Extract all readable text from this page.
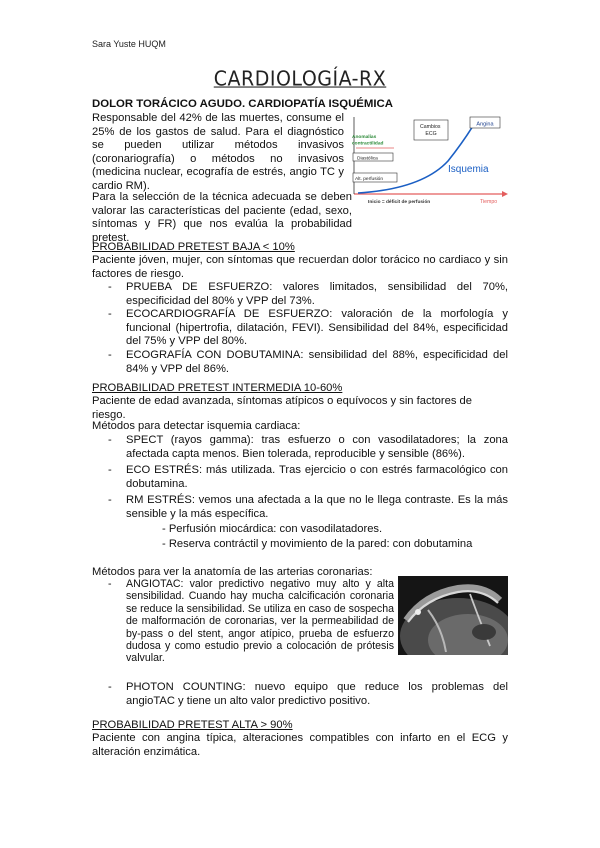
Sara Yuste HUQM
CARDIOLOGÍA-RX
DOLOR TORÁCICO AGUDO. CARDIOPATÍA ISQUÉMICA
Responsable del 42% de las muertes, consume el 25% de los gastos de salud. Para el diagnóstico se pueden utilizar métodos invasivos (coronariografía) o métodos no invasivos (medicina nuclear, ecografía de estrés, angio TC y cardio RM).
Para la selección de la técnica adecuada se deben valorar las características del paciente (edad, sexo, síntomas y FR) que nos evalúa la probabilidad pretest.
Angina
Cambios ECG
Anomalías contractilidad
Diastólica
Isquemia
Alt. perfusión
Inicio = déficit de perfusión	Tiempo
PROBABILIDAD PRETEST BAJA < 10%
Paciente jóven, mujer, con síntomas que recuerdan dolor torácico no cardiaco y sin factores de riesgo.
- PRUEBA DE ESFUERZO: valores limitados, sensibilidad del 70%, especificidad del 80% y VPP del 73%.
- ECOCARDIOGRAFÍA DE ESFUERZO: valoración de la morfología y funcional (hipertrofia, dilatación, FEVI). Sensibilidad del 84%, especificidad del 75% y VPP del 80%.
- ECOGRAFÍA CON DOBUTAMINA: sensibilidad del 88%, especificidad del 84% y VPP del 86%.
PROBABILIDAD PRETEST INTERMEDIA 10-60%
Paciente de edad avanzada, síntomas atípicos o equívocos y sin factores de riesgo.
Métodos para detectar isquemia cardiaca:
- SPECT (rayos gamma): tras esfuerzo o con vasodilatadores; la zona afectada capta menos. Bien tolerada, reproducible y sensible (86%).
- ECO ESTRÉS: más utilizada. Tras ejercicio o con estrés farmacológico con dobutamina.
- RM ESTRÉS: vemos una afectada a la que no le llega contraste. Es la más sensible y la más específica.
- Perfusión miocárdica: con vasodilatadores.
- Reserva contráctil y movimiento de la pared: con dobutamina
Métodos para ver la anatomía de las arterias coronarias:
- ANGIOTAC: valor predictivo negativo muy alto y alta sensibilidad. Cuando hay mucha calcificación coronaria se reduce la sensibilidad. Se utiliza en caso de sospecha de malformación de coronarias, ver la permeabilidad de by-pass o del stent, angor atípico, prueba de esfuerzo dudosa y como estudio previo a colocación de prótesis valvular.
- PHOTON COUNTING: nuevo equipo que reduce los problemas del angioTAC y tiene un alto valor predictivo positivo.
PROBABILIDAD PRETEST ALTA > 90%
Paciente con angina típica, alteraciones compatibles con infarto en el ECG y alteración enzimática.
